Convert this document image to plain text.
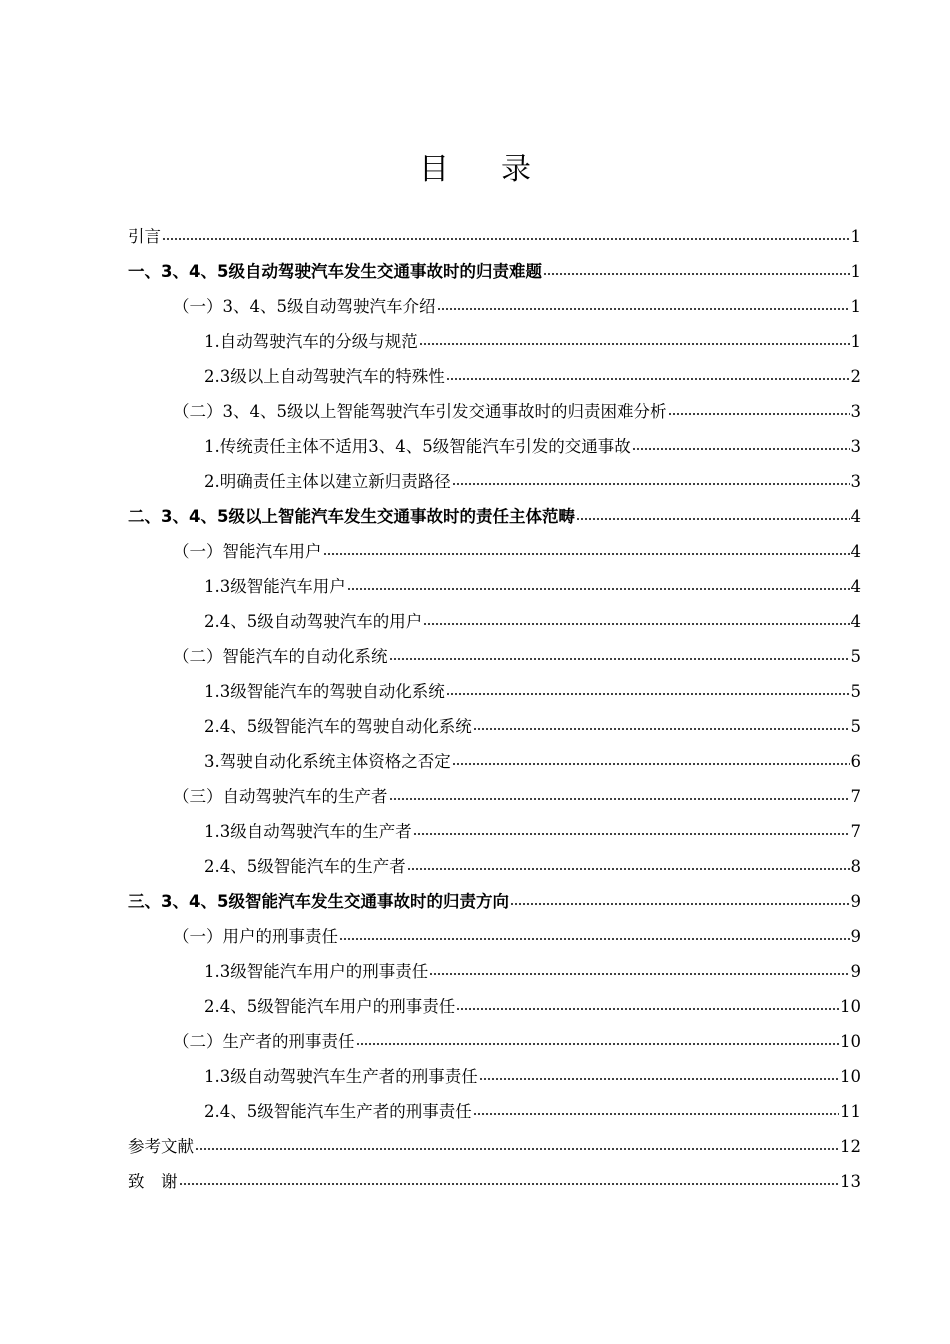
目 录
引言	1
一、3、4、5级自动驾驶汽车发生交通事故时的归责难题	1
（一）3、4、5级自动驾驶汽车介绍	1
1.自动驾驶汽车的分级与规范	1
2.3级以上自动驾驶汽车的特殊性	2
（二）3、4、5级以上智能驾驶汽车引发交通事故时的归责困难分析	3
1.传统责任主体不适用3、4、5级智能汽车引发的交通事故	3
2.明确责任主体以建立新归责路径	3
二、3、4、5级以上智能汽车发生交通事故时的责任主体范畴	4
（一）智能汽车用户	4
1.3级智能汽车用户	4
2.4、5级自动驾驶汽车的用户	4
（二）智能汽车的自动化系统	5
1.3级智能汽车的驾驶自动化系统	5
2.4、5级智能汽车的驾驶自动化系统	5
3.驾驶自动化系统主体资格之否定	6
（三）自动驾驶汽车的生产者	7
1.3级自动驾驶汽车的生产者	7
2.4、5级智能汽车的生产者	8
三、3、4、5级智能汽车发生交通事故时的归责方向	9
（一）用户的刑事责任	9
1.3级智能汽车用户的刑事责任	9
2.4、5级智能汽车用户的刑事责任	10
（二）生产者的刑事责任	10
1.3级自动驾驶汽车生产者的刑事责任	10
2.4、5级智能汽车生产者的刑事责任	11
参考文献	12
致　谢	13
